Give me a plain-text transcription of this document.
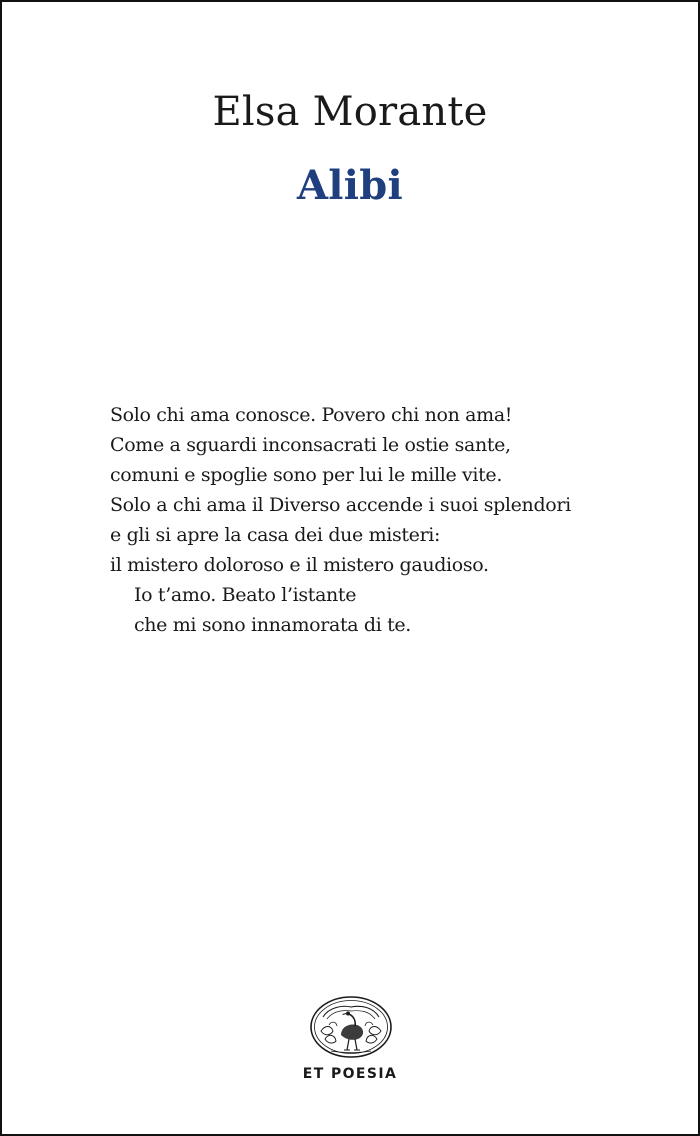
Elsa Morante
Alibi
Solo chi ama conosce. Povero chi non ama!
Come a sguardi inconsacrati le ostie sante,
comuni e spoglie sono per lui le mille vite.
Solo a chi ama il Diverso accende i suoi splendori
e gli si apre la casa dei due misteri:
il mistero doloroso e il mistero gaudioso.
Io t’amo. Beato l’istante
che mi sono innamorata di te.
ET POESIA
